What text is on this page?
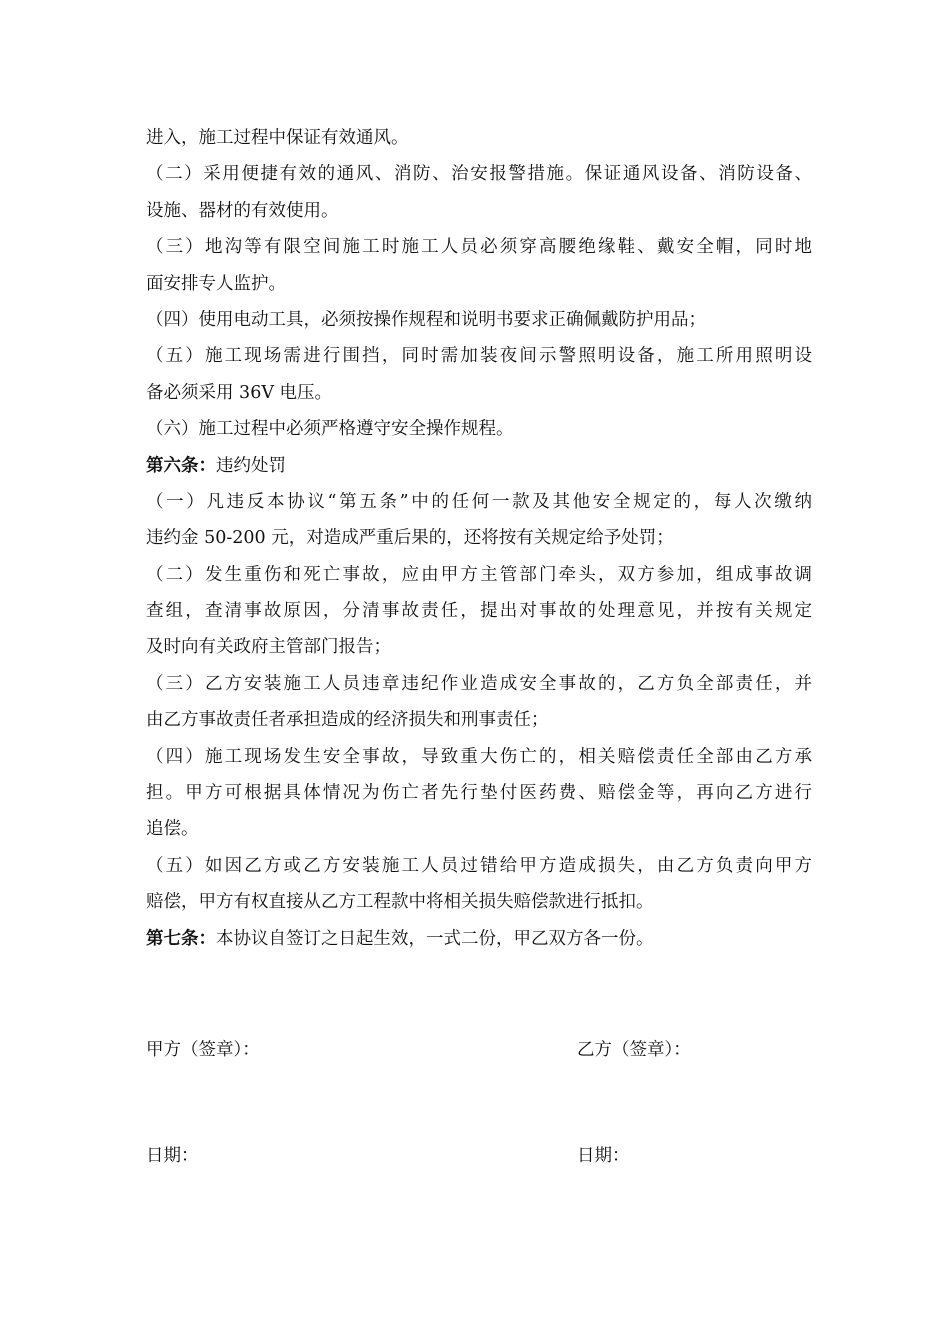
进入，施工过程中保证有效通风。
（二）采用便捷有效的通风、消防、治安报警措施。保证通风设备、消防设备、
设施、器材的有效使用。
（三）地沟等有限空间施工时施工人员必须穿高腰绝缘鞋、戴安全帽，同时地
面安排专人监护。
（四）使用电动工具，必须按操作规程和说明书要求正确佩戴防护用品；
（五）施工现场需进行围挡，同时需加装夜间示警照明设备，施工所用照明设
备必须采用 36V 电压。
（六）施工过程中必须严格遵守安全操作规程。
第六条：违约处罚
（一）凡违反本协议“第五条”中的任何一款及其他安全规定的，每人次缴纳
违约金 50-200 元，对造成严重后果的，还将按有关规定给予处罚；
（二）发生重伤和死亡事故，应由甲方主管部门牵头，双方参加，组成事故调
查组，查清事故原因，分清事故责任，提出对事故的处理意见，并按有关规定
及时向有关政府主管部门报告；
（三）乙方安装施工人员违章违纪作业造成安全事故的，乙方负全部责任，并
由乙方事故责任者承担造成的经济损失和刑事责任；
（四）施工现场发生安全事故，导致重大伤亡的，相关赔偿责任全部由乙方承
担。甲方可根据具体情况为伤亡者先行垫付医药费、赔偿金等，再向乙方进行
追偿。
（五）如因乙方或乙方安装施工人员过错给甲方造成损失，由乙方负责向甲方
赔偿，甲方有权直接从乙方工程款中将相关损失赔偿款进行抵扣。
第七条：本协议自签订之日起生效，一式二份，甲乙双方各一份。
甲方（签章）：	乙方（签章）：
日期：	日期：
